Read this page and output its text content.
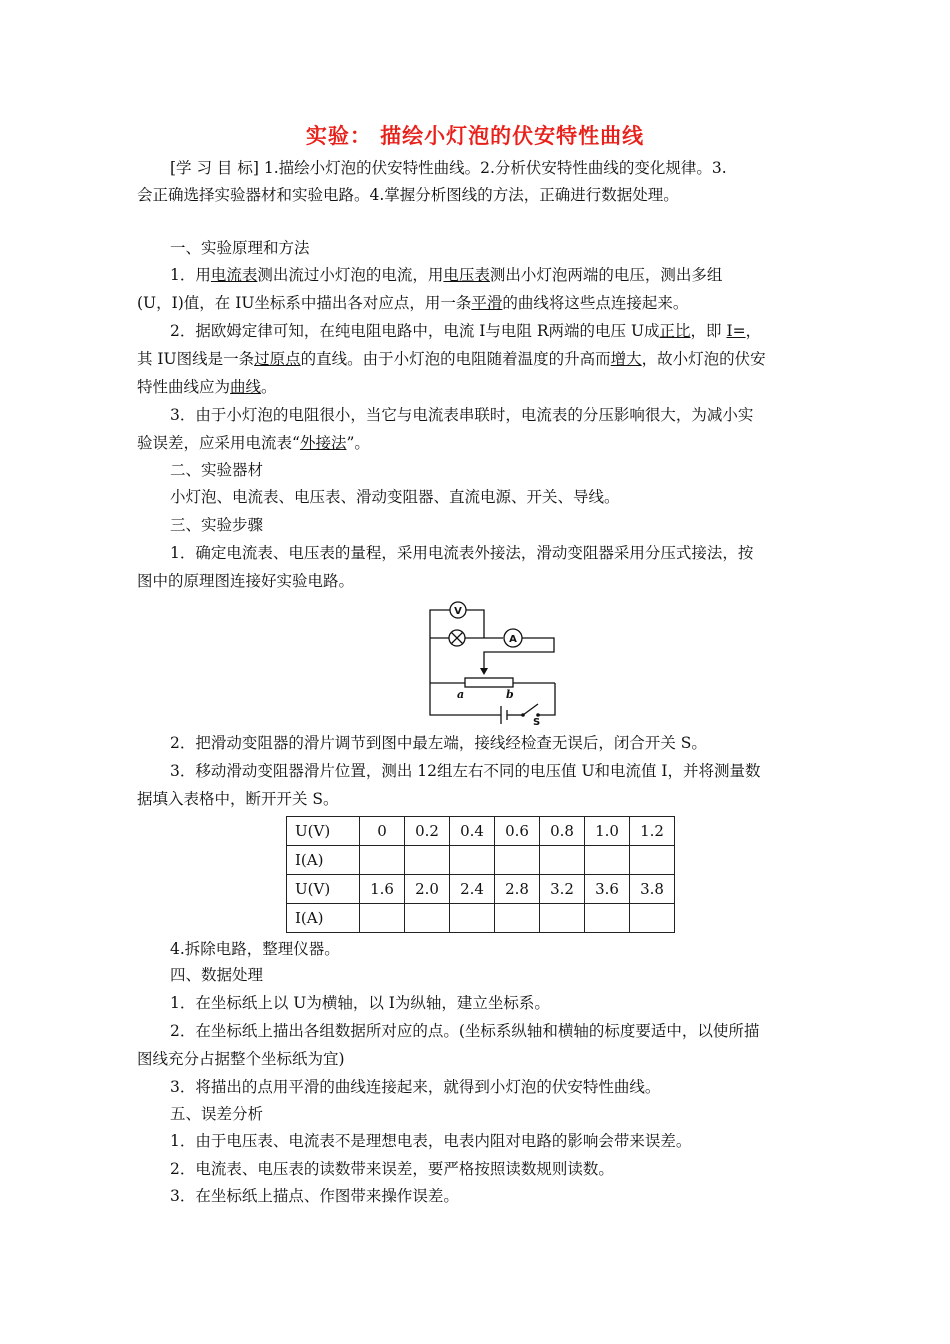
实验： 描绘小灯泡的伏安特性曲线
[学 习 目 标] 1.描绘小灯泡的伏安特性曲线。2.分析伏安特性曲线的变化规律。3.
会正确选择实验器材和实验电路。4.掌握分析图线的方法，正确进行数据处理。
一、实验原理和方法
1．用电流表测出流过小灯泡的电流，用电压表测出小灯泡两端的电压，测出多组
(U，I)值，在 IU坐标系中描出各对应点，用一条平滑的曲线将这些点连接起来。
2．据欧姆定律可知，在纯电阻电路中，电流 I与电阻 R两端的电压 U成正比，即 I=，
其 IU图线是一条过原点的直线。由于小灯泡的电阻随着温度的升高而增大，故小灯泡的伏安
特性曲线应为曲线。
3．由于小灯泡的电阻很小，当它与电流表串联时，电流表的分压影响很大，为减小实
验误差，应采用电流表“外接法”。
二、实验器材
小灯泡、电流表、电压表、滑动变阻器、直流电源、开关、导线。
三、实验步骤
1．确定电流表、电压表的量程，采用电流表外接法，滑动变阻器采用分压式接法，按
图中的原理图连接好实验电路。
V
A
a	b
S
2．把滑动变阻器的滑片调节到图中最左端，接线经检查无误后，闭合开关 S。
3．移动滑动变阻器滑片位置，测出 12组左右不同的电压值 U和电流值 I，并将测量数
据填入表格中，断开开关 S。
U(V)	0	0.2	0.4	0.6	0.8	1.0	1.2
I(A)							
U(V)	1.6	2.0	2.4	2.8	3.2	3.6	3.8
I(A)							
4.拆除电路，整理仪器。
四、数据处理
1．在坐标纸上以 U为横轴，以 I为纵轴，建立坐标系。
2．在坐标纸上描出各组数据所对应的点。(坐标系纵轴和横轴的标度要适中，以使所描
图线充分占据整个坐标纸为宜)
3．将描出的点用平滑的曲线连接起来，就得到小灯泡的伏安特性曲线。
五、误差分析
1．由于电压表、电流表不是理想电表，电表内阻对电路的影响会带来误差。
2．电流表、电压表的读数带来误差，要严格按照读数规则读数。
3．在坐标纸上描点、作图带来操作误差。
